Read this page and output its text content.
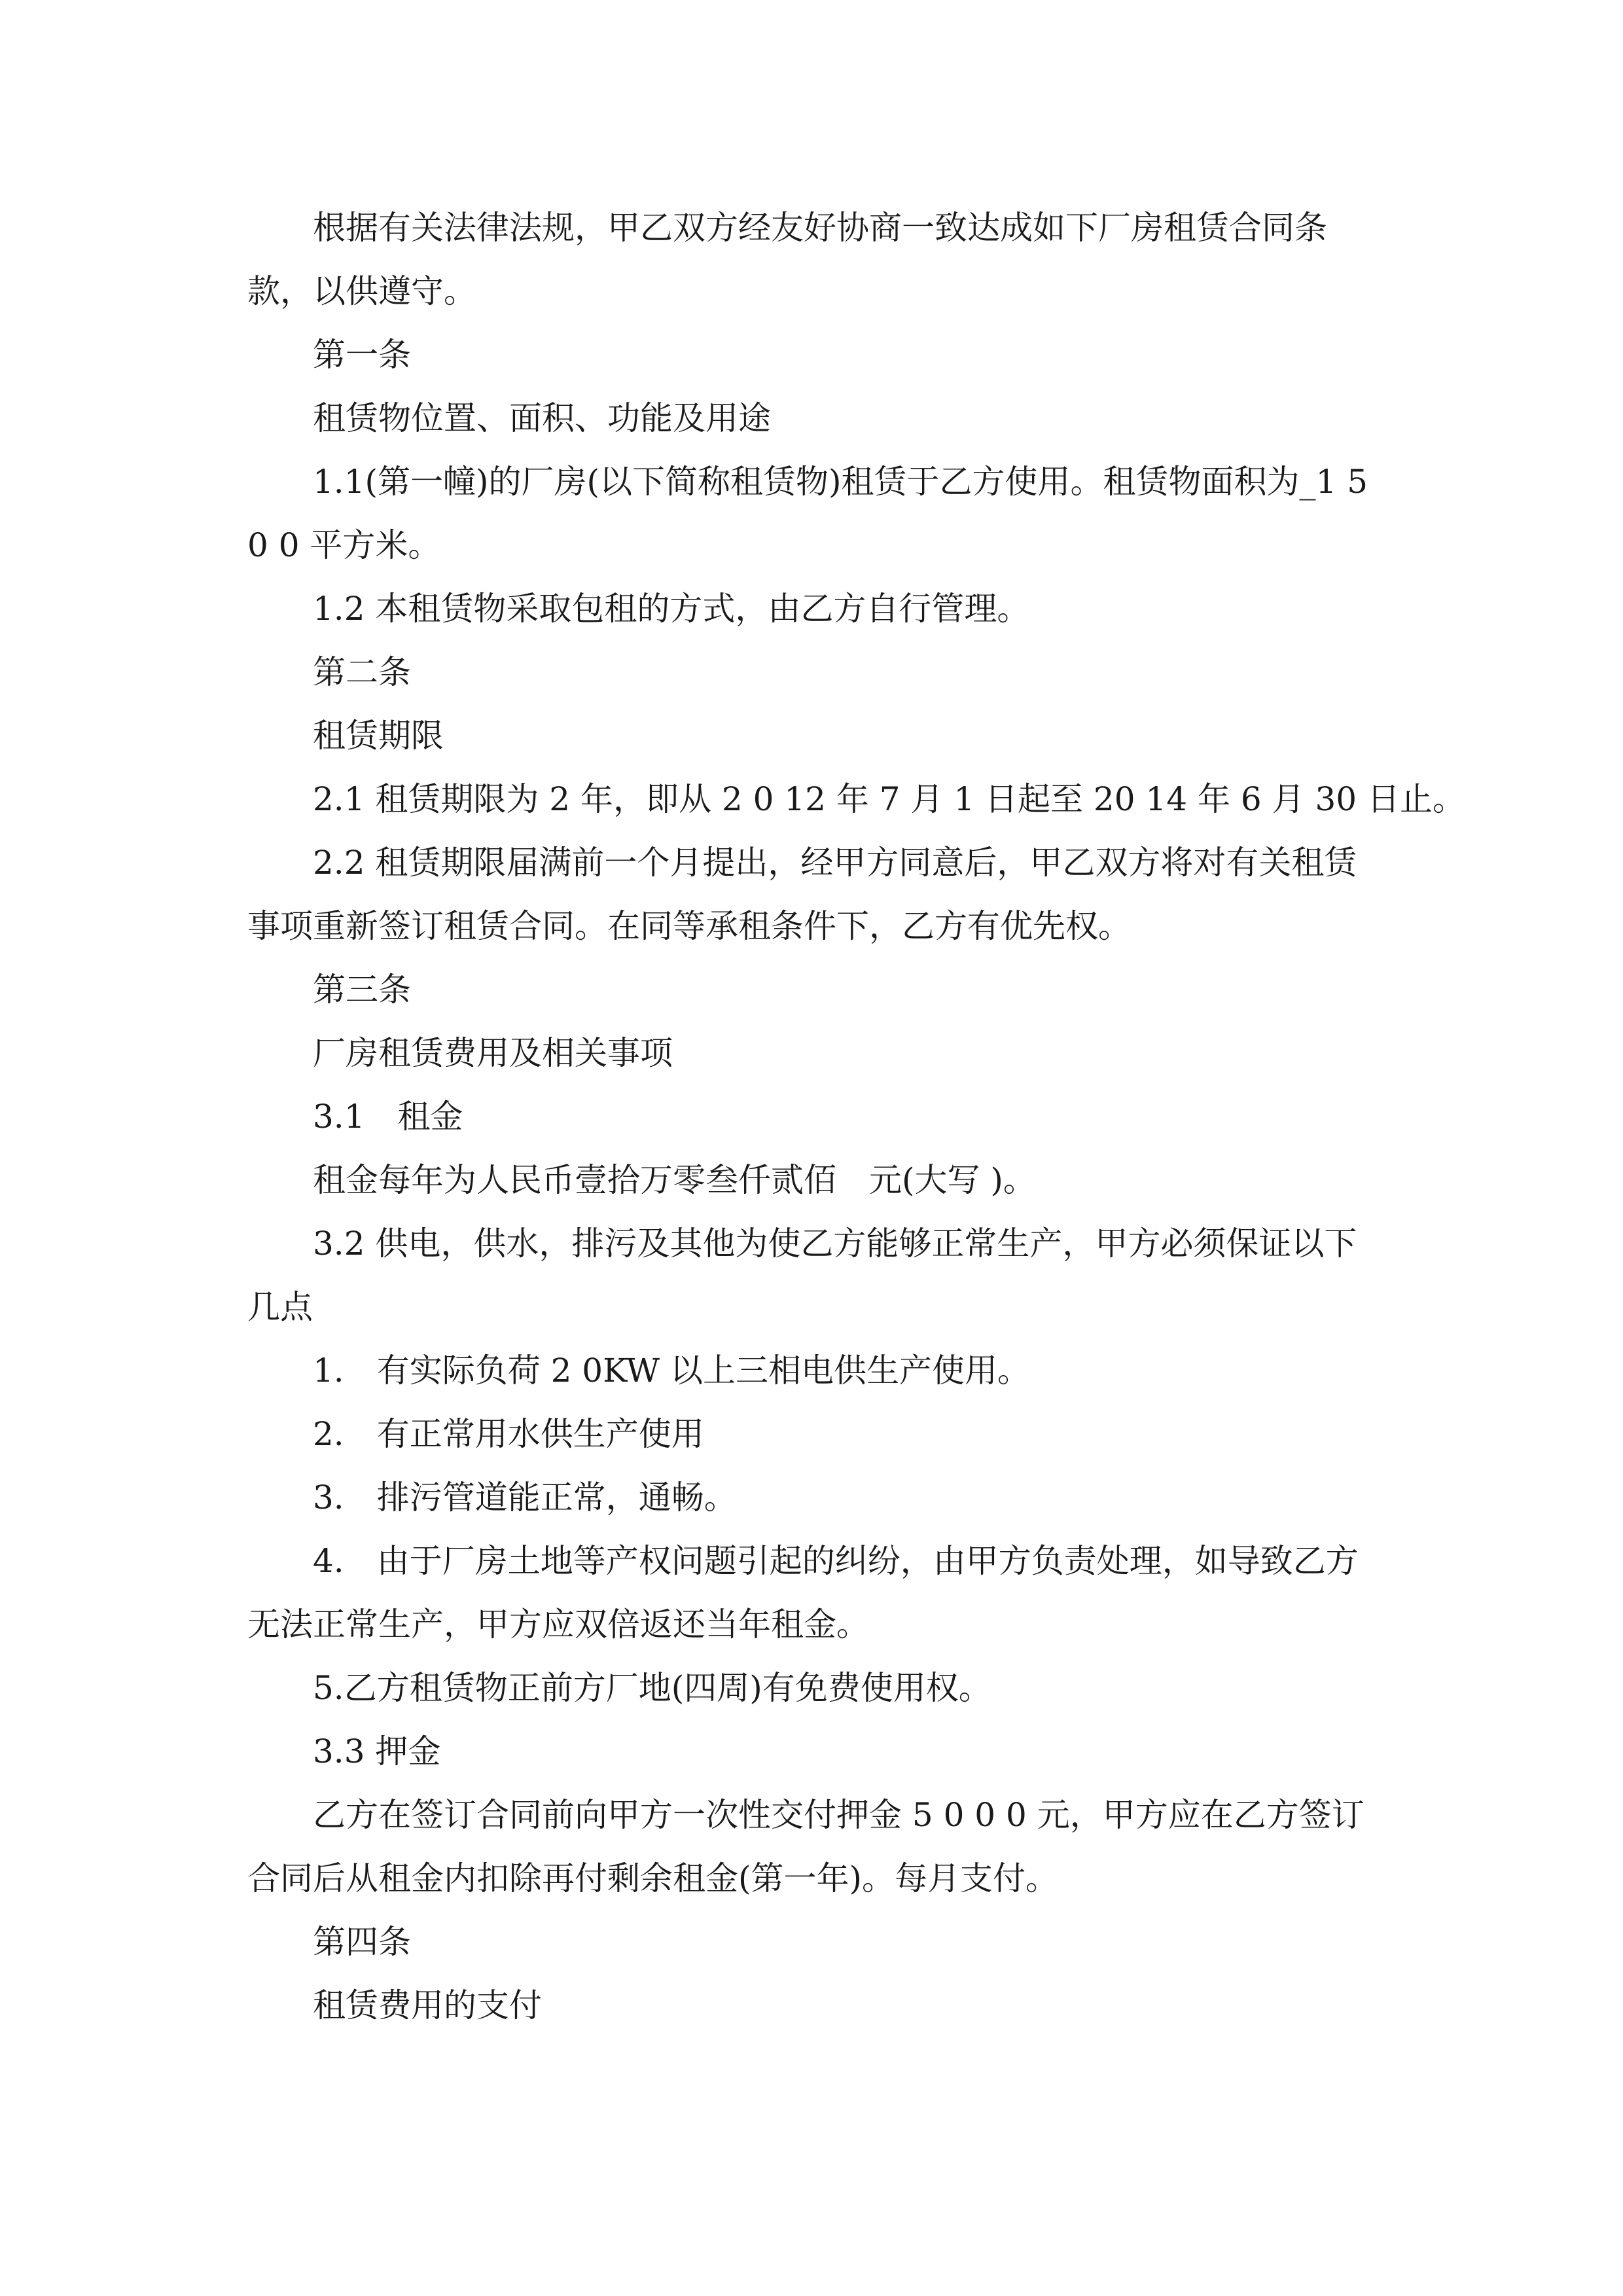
根据有关法律法规，甲乙双方经友好协商一致达成如下厂房租赁合同条款，以供遵守。

第一条

租赁物位置、面积、功能及用途

1.1(第一幢)的厂房(以下简称租赁物)租赁于乙方使用。租赁物面积为_1 5 0 0 平方米。

1.2 本租赁物采取包租的方式，由乙方自行管理。

第二条

租赁期限

2.1 租赁期限为 2 年，即从 2 0 12 年 7 月 1 日起至 20 14 年 6 月 30 日止。

2.2 租赁期限届满前一个月提出，经甲方同意后，甲乙双方将对有关租赁事项重新签订租赁合同。在同等承租条件下，乙方有优先权。

第三条

厂房租赁费用及相关事项

3.1　租金

租金每年为人民币壹拾万零叁仟贰佰　元(大写 )。

3.2 供电，供水，排污及其他为使乙方能够正常生产，甲方必须保证以下几点

1.　有实际负荷 2 0KW 以上三相电供生产使用。

2.　有正常用水供生产使用

3.　排污管道能正常，通畅。

4.　由于厂房土地等产权问题引起的纠纷，由甲方负责处理，如导致乙方无法正常生产，甲方应双倍返还当年租金。

5.乙方租赁物正前方厂地(四周)有免费使用权。

3.3 押金

乙方在签订合同前向甲方一次性交付押金 5 0 0 0 元，甲方应在乙方签订合同后从租金内扣除再付剩余租金(第一年)。每月支付。

第四条

租赁费用的支付
